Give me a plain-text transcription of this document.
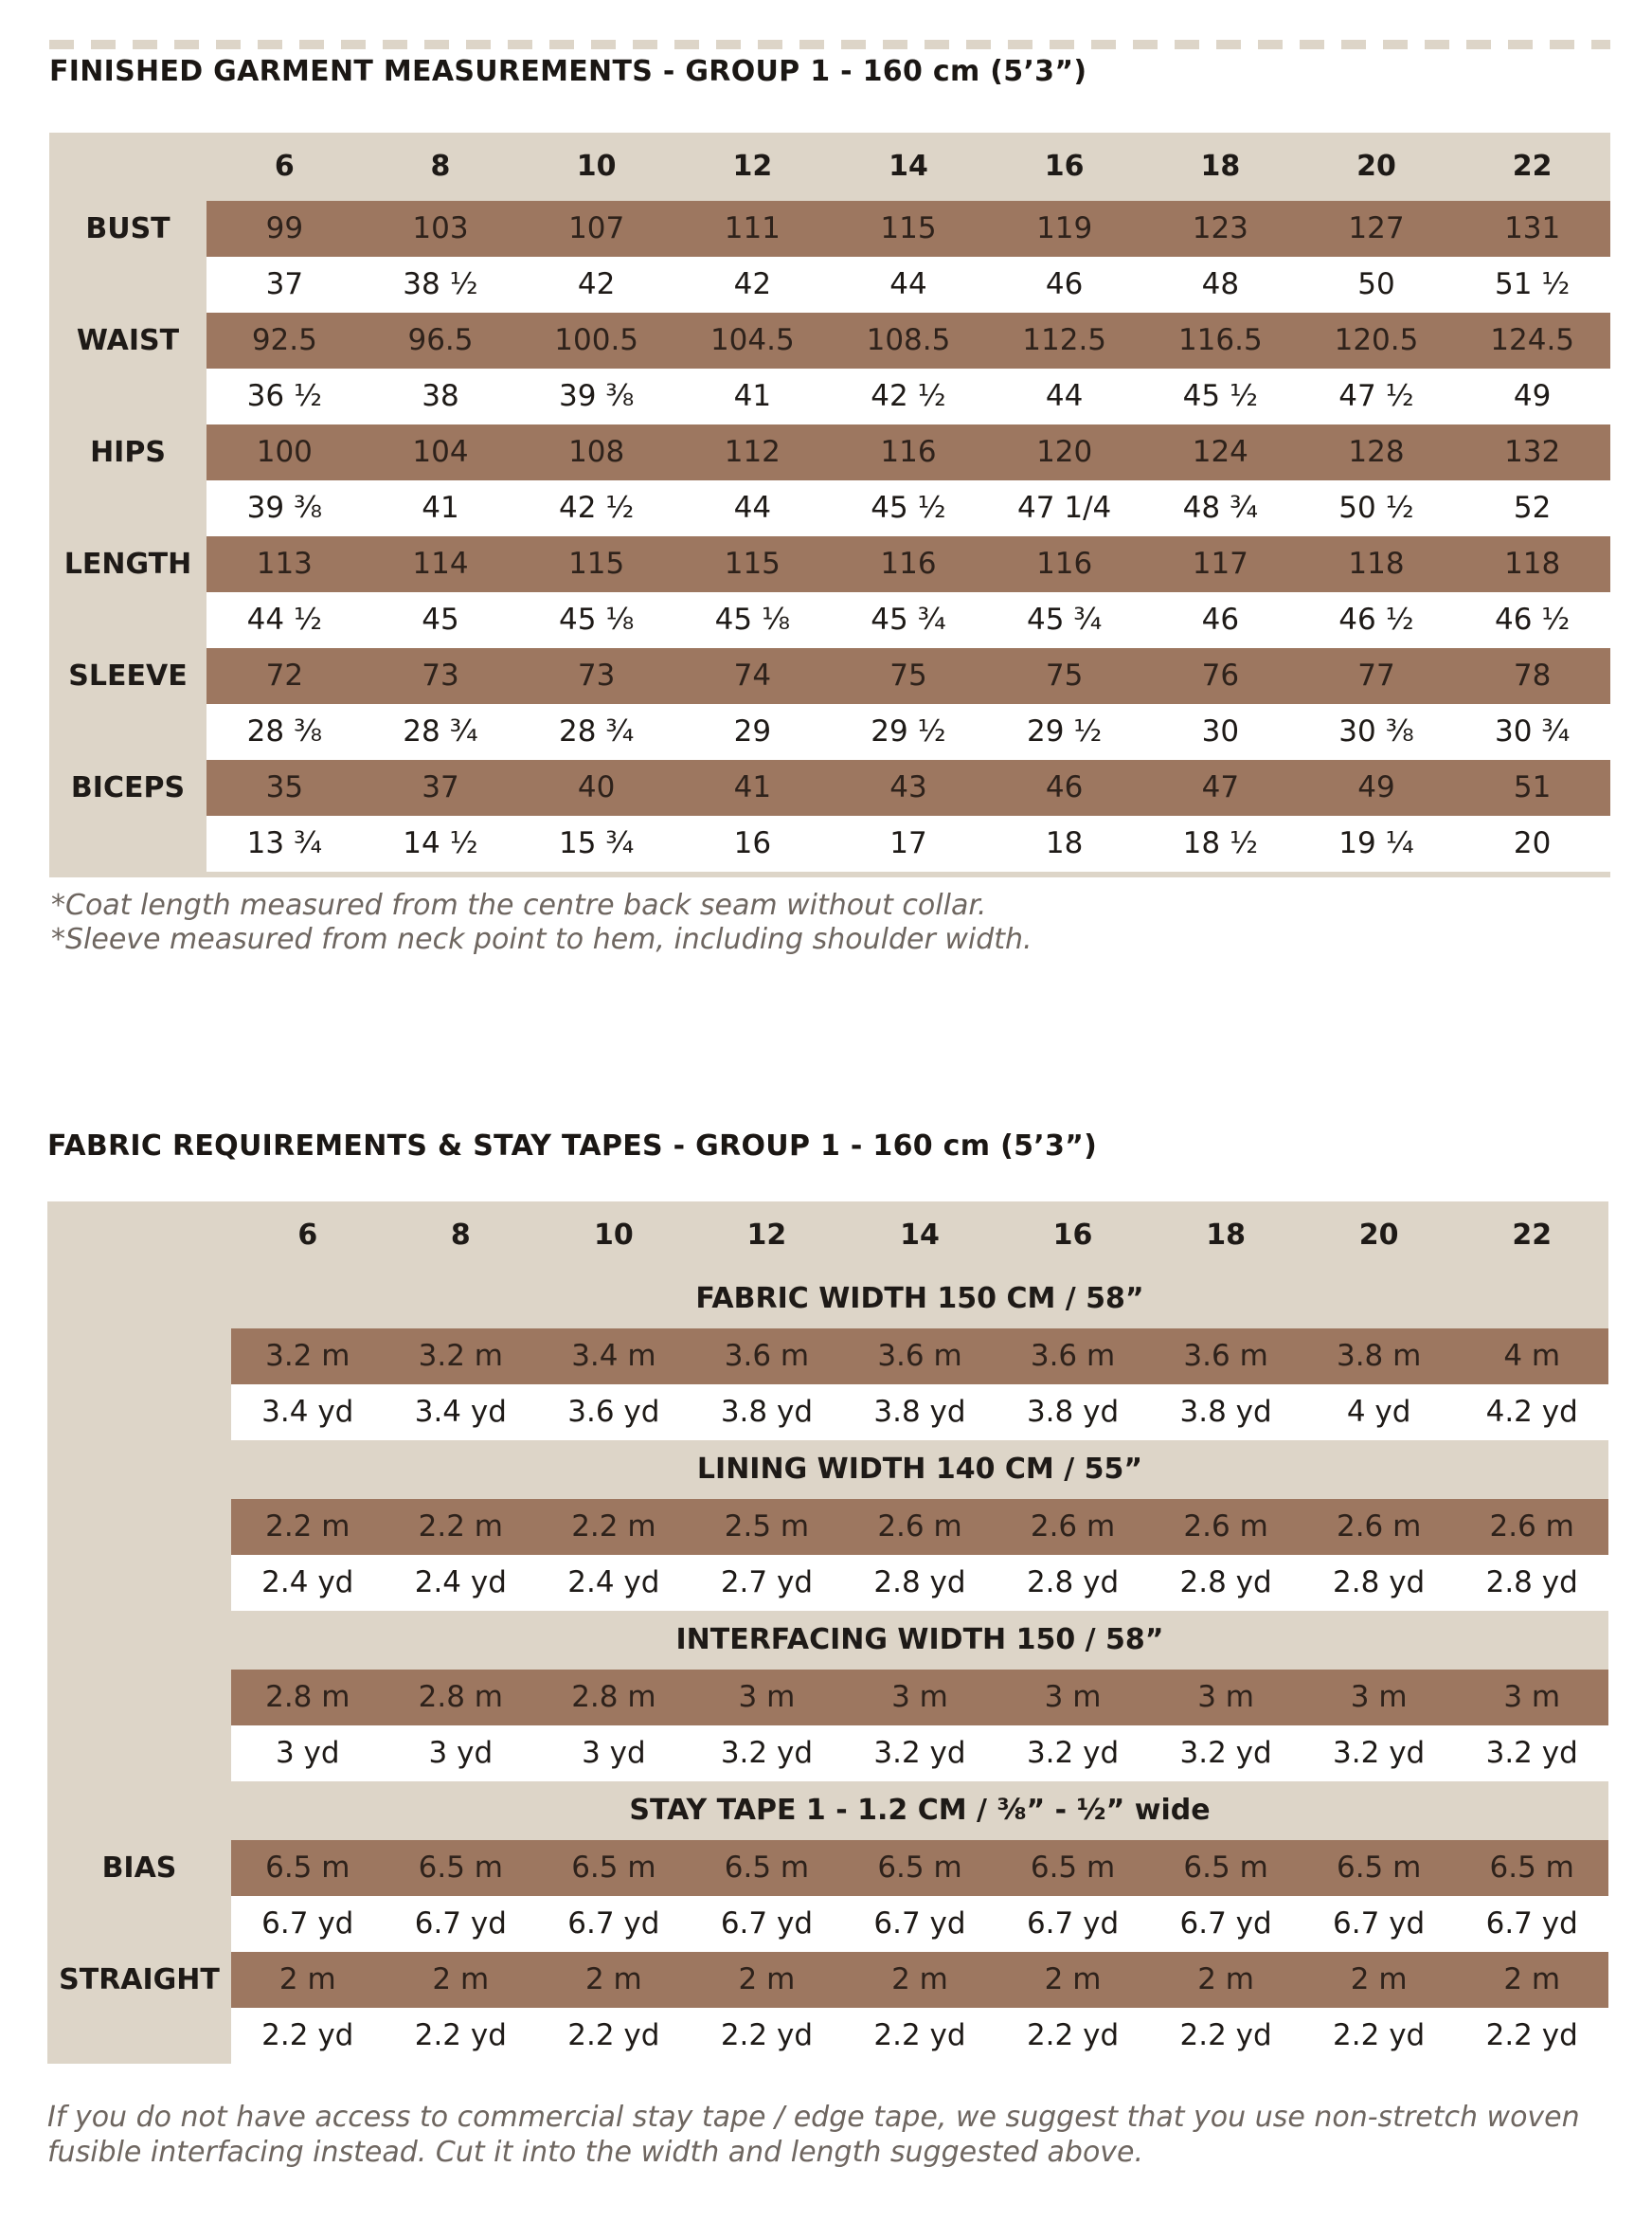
FINISHED GARMENT MEASUREMENTS - GROUP 1 - 160 cm (5’3”)
6	8	10	12	14	16	18	20	22
BUST	99	103	107	111	115	119	123	127	131
37	38 ½	42	42	44	46	48	50	51 ½
WAIST	92.5	96.5	100.5	104.5	108.5	112.5	116.5	120.5	124.5
36 ½	38	39 ⅜	41	42 ½	44	45 ½	47 ½	49
HIPS	100	104	108	112	116	120	124	128	132
39 ⅜	41	42 ½	44	45 ½	47 1/4	48 ¾	50 ½	52
LENGTH	113	114	115	115	116	116	117	118	118
44 ½	45	45 ⅛	45 ⅛	45 ¾	45 ¾	46	46 ½	46 ½
SLEEVE	72	73	73	74	75	75	76	77	78
28 ⅜	28 ¾	28 ¾	29	29 ½	29 ½	30	30 ⅜	30 ¾
BICEPS	35	37	40	41	43	46	47	49	51
13 ¾	14 ½	15 ¾	16	17	18	18 ½	19 ¼	20
*Coat length measured from the centre back seam without collar.
*Sleeve measured from neck point to hem, including shoulder width.
FABRIC REQUIREMENTS & STAY TAPES - GROUP 1 - 160 cm (5’3”)
6	8	10	12	14	16	18	20	22
FABRIC WIDTH 150 CM / 58”
3.2 m	3.2 m	3.4 m	3.6 m	3.6 m	3.6 m	3.6 m	3.8 m	4 m
3.4 yd	3.4 yd	3.6 yd	3.8 yd	3.8 yd	3.8 yd	3.8 yd	4 yd	4.2 yd
LINING WIDTH 140 CM / 55”
2.2 m	2.2 m	2.2 m	2.5 m	2.6 m	2.6 m	2.6 m	2.6 m	2.6 m
2.4 yd	2.4 yd	2.4 yd	2.7 yd	2.8 yd	2.8 yd	2.8 yd	2.8 yd	2.8 yd
INTERFACING WIDTH 150 / 58”
2.8 m	2.8 m	2.8 m	3 m	3 m	3 m	3 m	3 m	3 m
3 yd	3 yd	3 yd	3.2 yd	3.2 yd	3.2 yd	3.2 yd	3.2 yd	3.2 yd
STAY TAPE 1 - 1.2 CM / ⅜” - ½” wide
BIAS	6.5 m	6.5 m	6.5 m	6.5 m	6.5 m	6.5 m	6.5 m	6.5 m	6.5 m
6.7 yd	6.7 yd	6.7 yd	6.7 yd	6.7 yd	6.7 yd	6.7 yd	6.7 yd	6.7 yd
STRAIGHT	2 m	2 m	2 m	2 m	2 m	2 m	2 m	2 m	2 m
2.2 yd	2.2 yd	2.2 yd	2.2 yd	2.2 yd	2.2 yd	2.2 yd	2.2 yd	2.2 yd
If you do not have access to commercial stay tape / edge tape, we suggest that you use non-stretch woven
fusible interfacing instead. Cut it into the width and length suggested above.
